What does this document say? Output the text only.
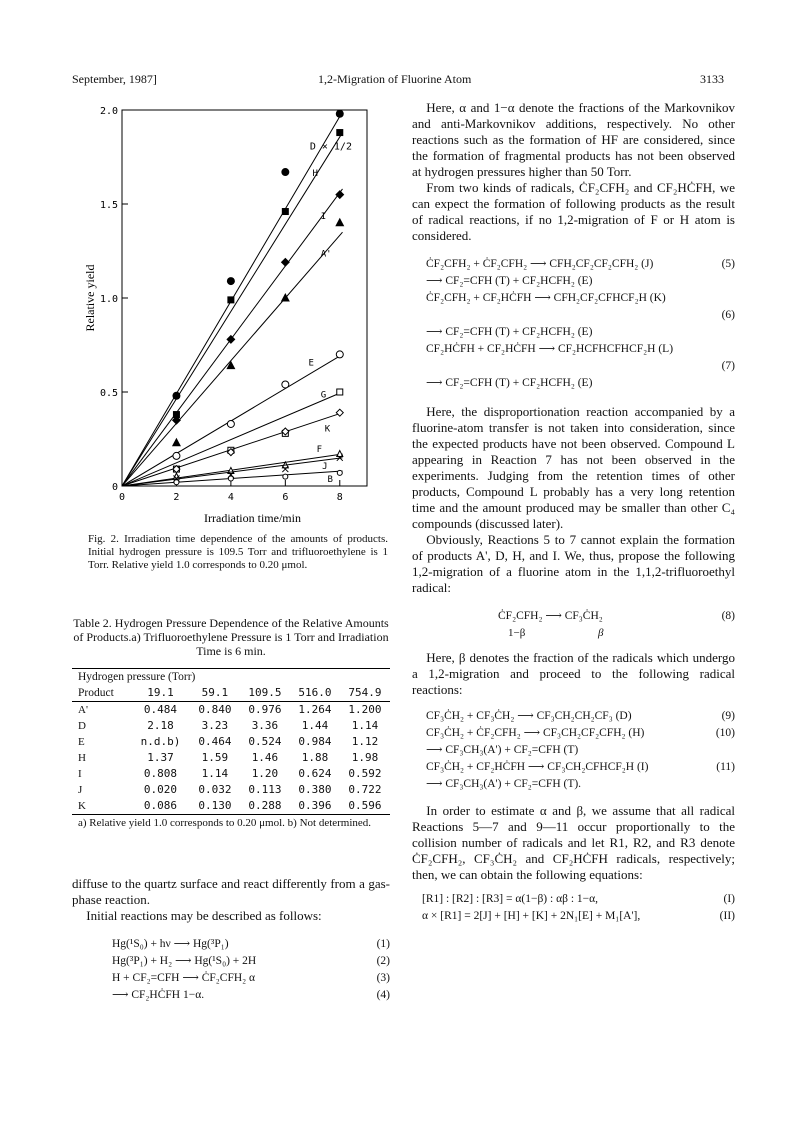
September, 1987]	1,2-Migration of Fluorine Atom	3133
0
0.5
1.0
1.5
2.0
0	2	4	6	8
Irradiation time/min
Relative yield
D × 1/2
H
I
A'
E
G
K
F
J
B
Fig. 2. Irradiation time dependence of the amounts of products. Initial hydrogen pressure is 109.5 Torr and trifluoroethylene is 1 Torr. Relative yield 1.0 corresponds to 0.20 μmol.
Table 2. Hydrogen Pressure Dependence of the Relative Amounts of Products.a) Trifluoroethylene Pressure is 1 Torr and Irradiation Time is 6 min.
Hydrogen pressure (Torr)					
Product	19.1	59.1	109.5	516.0	754.9
A'	0.484	0.840	0.976	1.264	1.200
D	2.18	3.23	3.36	1.44	1.14
E	n.d.b)	0.464	0.524	0.984	1.12
H	1.37	1.59	1.46	1.88	1.98
I	0.808	1.14	1.20	0.624	0.592
J	0.020	0.032	0.113	0.380	0.722
K	0.086	0.130	0.288	0.396	0.596
a) Relative yield 1.0 corresponds to 0.20 μmol. b) Not determined.

diffuse to the quartz surface and react differently from a gas-phase reaction.

Initial reactions may be described as follows:

Hg(¹S₀) + hν ⟶ Hg(³P₁)	(1)
Hg(³P₁) + H₂ ⟶ Hg(¹S₀) + 2H	(2)
H + CF₂=CFH ⟶ ĊF₂CFH₂ α	(3)
⟶ CF₂HĊFH 1−α.	(4)

Here, α and 1−α denote the fractions of the Markovnikov and anti-Markovnikov additions, respectively. No other reactions such as the formation of HF are considered, since the formation of fragmental products has not been observed at hydrogen pressures higher than 50 Torr.

From two kinds of radicals, ĊF₂CFH₂ and CF₂HĊFH, we can expect the formation of following products as the result of radical reactions, if no 1,2-migration of F or H atom is considered.

ĊF₂CFH₂ + ĊF₂CFH₂ ⟶ CFH₂CF₂CF₂CFH₂ (J)	(5)
⟶ CF₂=CFH (T) + CF₂HCFH₂ (E)
ĊF₂CFH₂ + CF₂HĊFH ⟶ CFH₂CF₂CFHCF₂H (K)
(6)
⟶ CF₂=CFH (T) + CF₂HCFH₂ (E)
CF₂HĊFH + CF₂HĊFH ⟶ CF₂HCFHCFHCF₂H (L)
(7)
⟶ CF₂=CFH (T) + CF₂HCFH₂ (E)

Here, the disproportionation reaction accompanied by a fluorine-atom transfer is not taken into consideration, since the expected products have not been observed. Compound L appearing in Reaction 7 has not been observed in the experiments. Judging from the retention times of other products, Compound L probably has a very long retention time and the amount produced may be smaller than other C₄ compounds (discussed later).

Obviously, Reactions 5 to 7 cannot explain the formation of products A', D, H, and I. We, thus, propose the following 1,2-migration of a fluorine atom in the 1,1,2-trifluoroethyl radical:

ĊF₂CFH₂ ⟶ CF₃ĊH₂	(8)
1−β	β

Here, β denotes the fraction of the radicals which undergo a 1,2-migration and proceed to the following radical reactions:

CF₃ĊH₂ + CF₃ĊH₂ ⟶ CF₃CH₂CH₂CF₃ (D)	(9)
CF₃ĊH₂ + ĊF₂CFH₂ ⟶ CF₃CH₂CF₂CFH₂ (H)	(10)
⟶ CF₃CH₃(A') + CF₂=CFH (T)
CF₃ĊH₂ + CF₂HĊFH ⟶ CF₃CH₂CFHCF₂H (I)	(11)
⟶ CF₃CH₃(A') + CF₂=CFH (T).

In order to estimate α and β, we assume that all radical Reactions 5—7 and 9—11 occur proportionally to the collision number of radicals and let R1, R2, and R3 denote ĊF₂CFH₂, CF₃ĊH₂ and CF₂HĊFH radicals, respectively; then, we can obtain the following equations:

[R1] : [R2] : [R3] = α(1−β) : αβ : 1−α,	(I)
α × [R1] = 2[J] + [H] + [K] + 2N₁[E] + M₁[A'],	(II)
